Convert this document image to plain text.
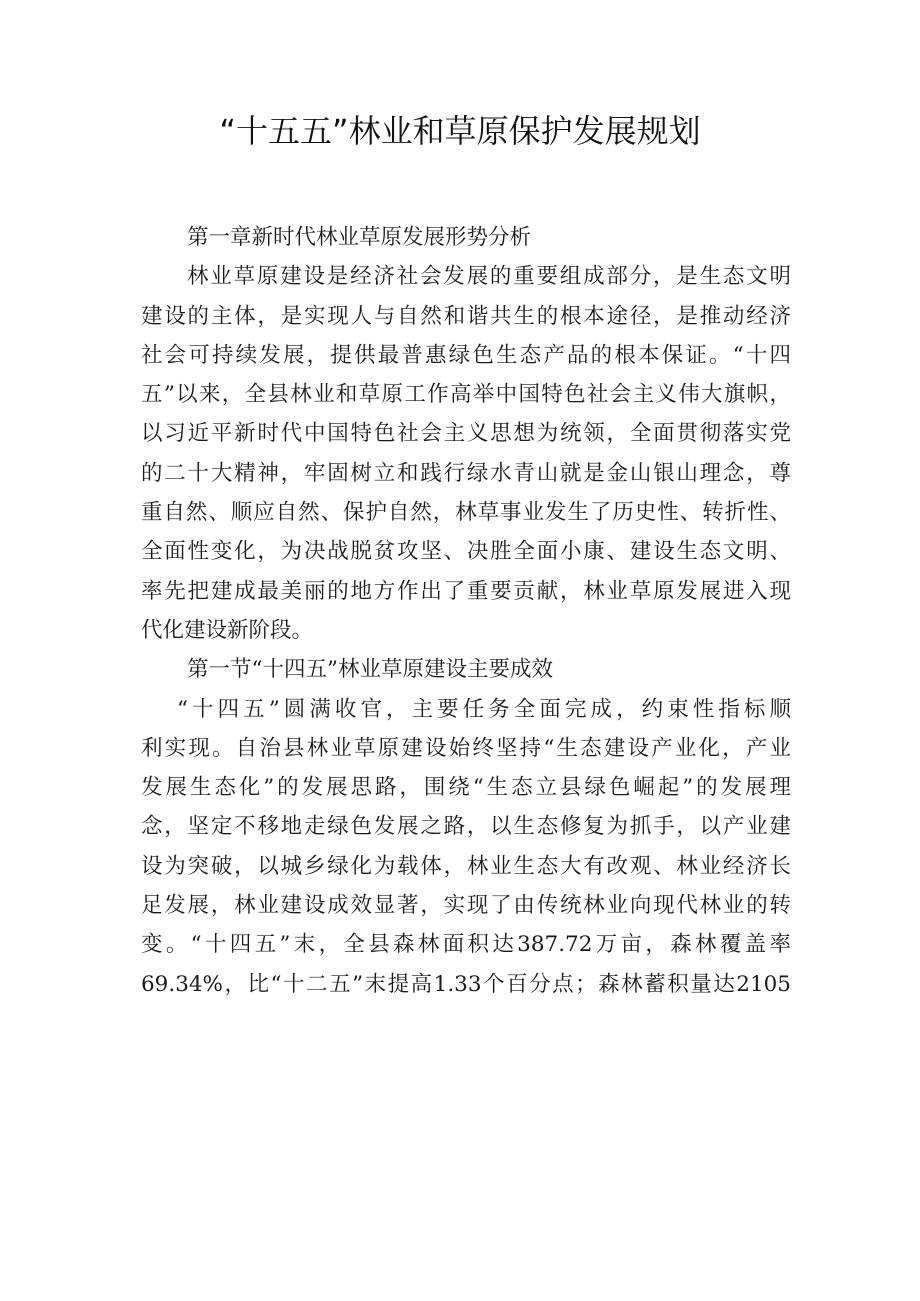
“十五五”林业和草原保护发展规划
第一章新时代林业草原发展形势分析
林业草原建设是经济社会发展的重要组成部分，是生态文明
建设的主体，是实现人与自然和谐共生的根本途径，是推动经济
社会可持续发展，提供最普惠绿色生态产品的根本保证。“十四
五”以来，全县林业和草原工作高举中国特色社会主义伟大旗帜，
以习近平新时代中国特色社会主义思想为统领，全面贯彻落实党
的二十大精神，牢固树立和践行绿水青山就是金山银山理念，尊
重自然、顺应自然、保护自然，林草事业发生了历史性、转折性、
全面性变化，为决战脱贫攻坚、决胜全面小康、建设生态文明、
率先把建成最美丽的地方作出了重要贡献，林业草原发展进入现
代化建设新阶段。
第一节“十四五”林业草原建设主要成效
“十四五”圆满收官，主要任务全面完成，约束性指标顺
利实现。自治县林业草原建设始终坚持“生态建设产业化，产业
发展生态化”的发展思路，围绕“生态立县绿色崛起”的发展理
念，坚定不移地走绿色发展之路，以生态修复为抓手，以产业建
设为突破，以城乡绿化为载体，林业生态大有改观、林业经济长
足发展，林业建设成效显著，实现了由传统林业向现代林业的转
变。“十四五”末，全县森林面积达387.72万亩，森林覆盖率
69.34%，比“十二五”末提高1.33个百分点；森林蓄积量达2105
